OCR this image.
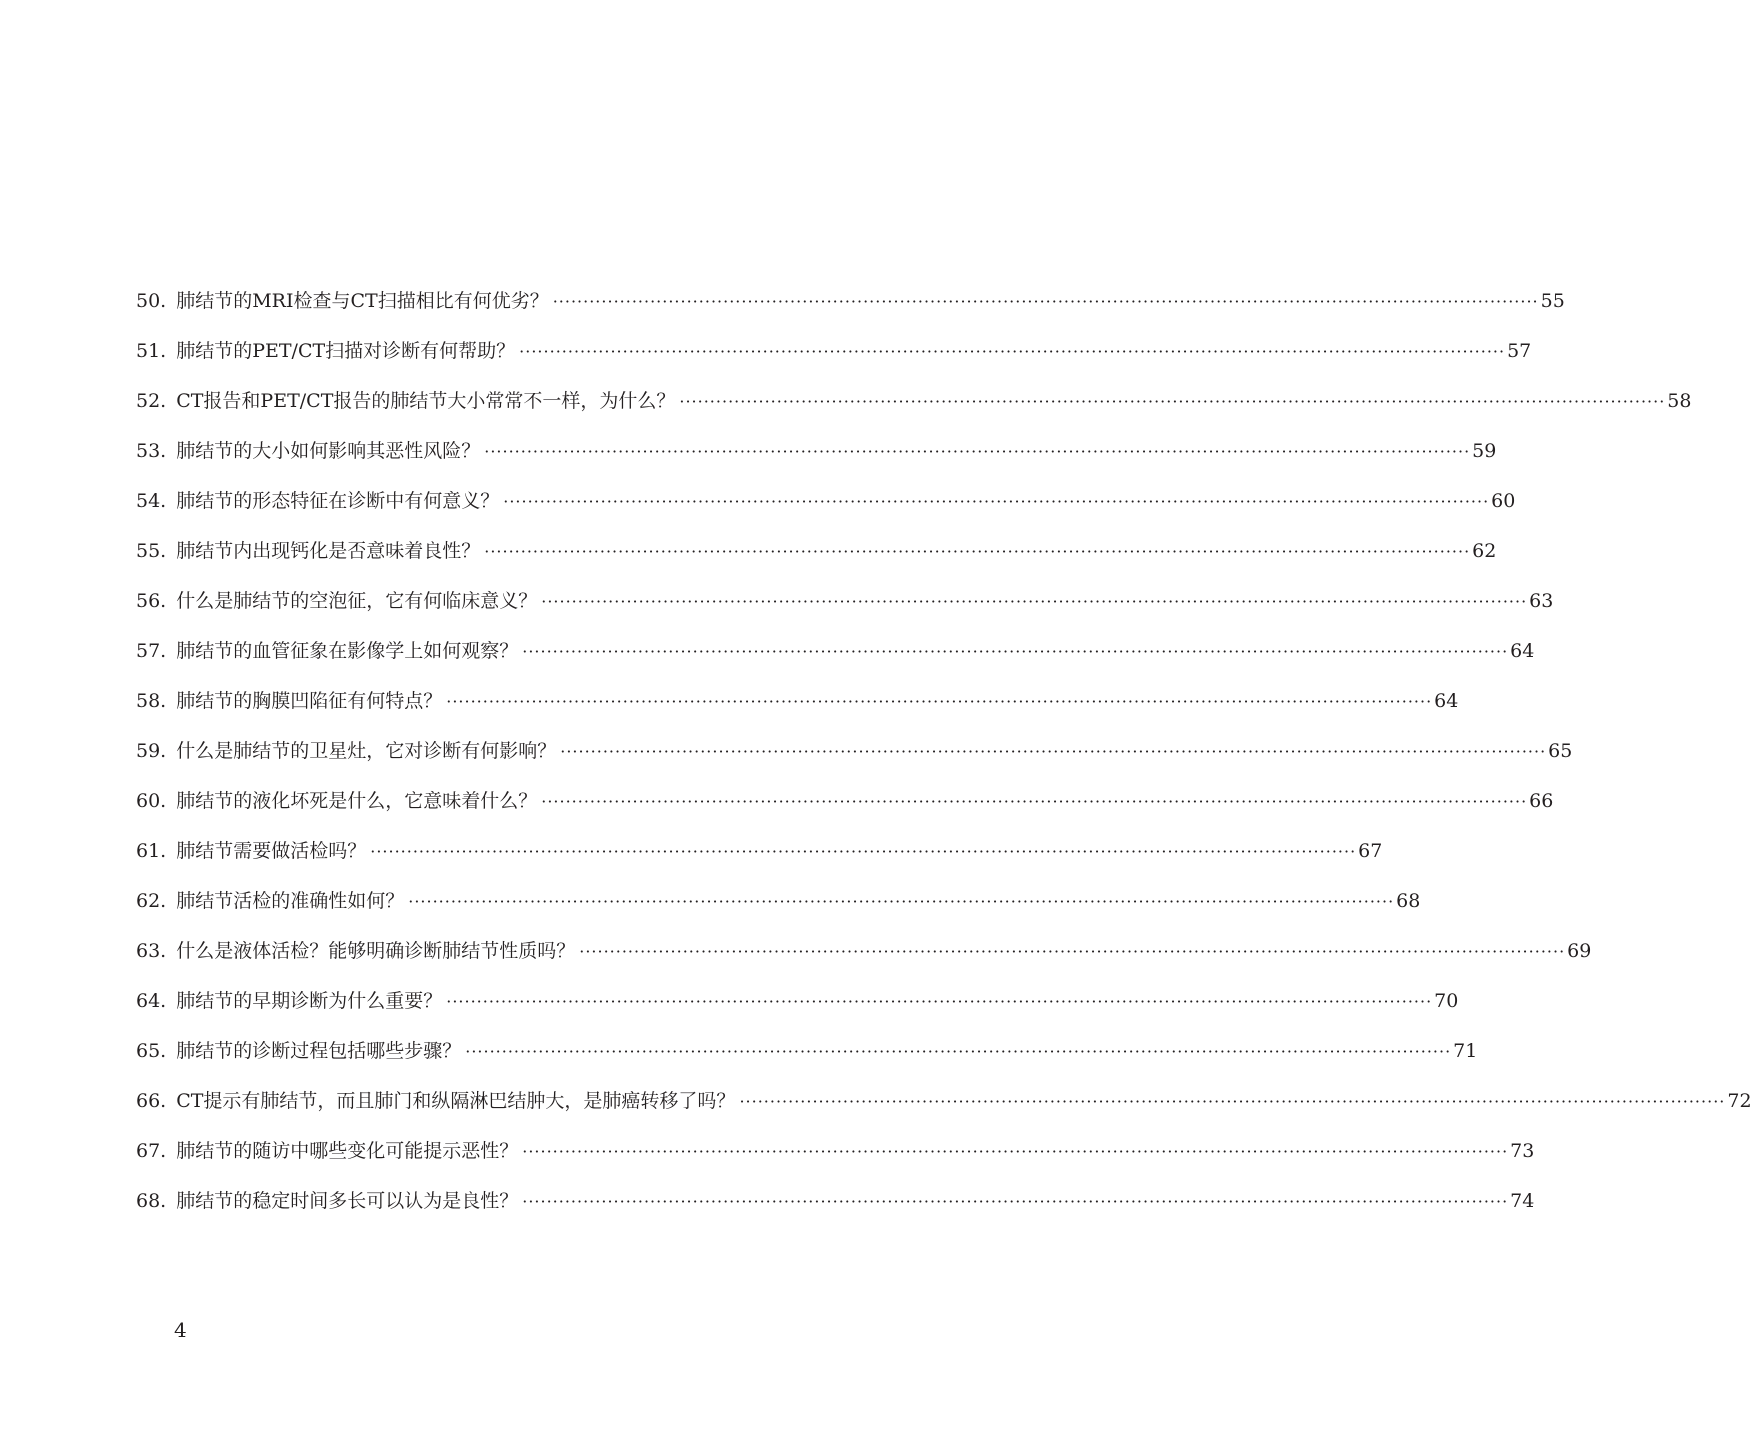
50. 肺结节的MRI检查与CT扫描相比有何优劣？ ·····	55
51. 肺结节的PET/CT扫描对诊断有何帮助？ ·····	57
52. CT报告和PET/CT报告的肺结节大小常常不一样，为什么？ ·····	58
53. 肺结节的大小如何影响其恶性风险？ ·····	59
54. 肺结节的形态特征在诊断中有何意义？ ·····	60
55. 肺结节内出现钙化是否意味着良性？ ·····	62
56. 什么是肺结节的空泡征，它有何临床意义？ ·····	63
57. 肺结节的血管征象在影像学上如何观察？ ·····	64
58. 肺结节的胸膜凹陷征有何特点？ ·····	64
59. 什么是肺结节的卫星灶，它对诊断有何影响？ ·····	65
60. 肺结节的液化坏死是什么，它意味着什么？ ·····	66
61. 肺结节需要做活检吗？ ·····	67
62. 肺结节活检的准确性如何？ ·····	68
63. 什么是液体活检？能够明确诊断肺结节性质吗？ ·····	69
64. 肺结节的早期诊断为什么重要？ ·····	70
65. 肺结节的诊断过程包括哪些步骤？ ·····	71
66. CT提示有肺结节，而且肺门和纵隔淋巴结肿大，是肺癌转移了吗？ ·····	72
67. 肺结节的随访中哪些变化可能提示恶性？ ·····	73
68. 肺结节的稳定时间多长可以认为是良性？ ·····	74
4
